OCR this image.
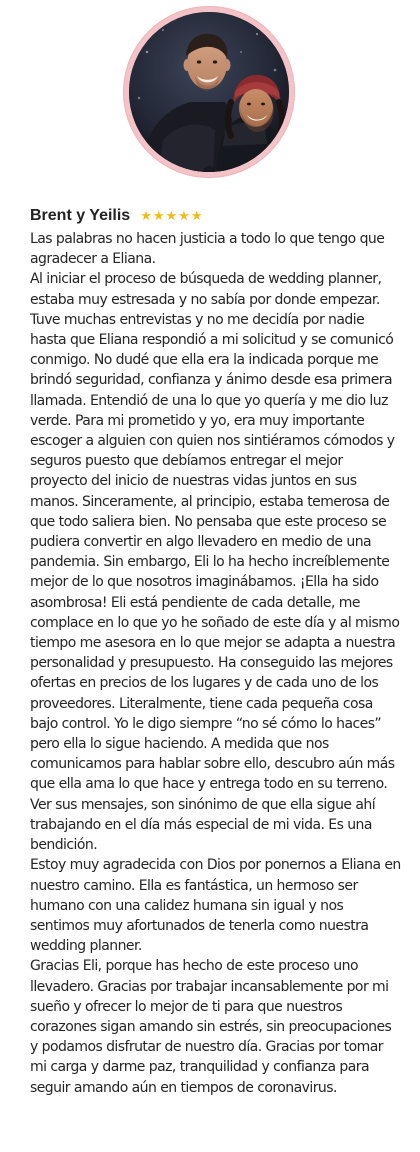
Brent y Yeilis ★ ★ ★ ★ ★

Las palabras no hacen justicia a todo lo que tengo que agradecer a Eliana.

Al iniciar el proceso de búsqueda de wedding planner, estaba muy estresada y no sabía por donde empezar. Tuve muchas entrevistas y no me decidía por nadie hasta que Eliana respondió a mi solicitud y se comunicó conmigo. No dudé que ella era la indicada porque me brindó seguridad, confianza y ánimo desde esa primera llamada. Entendió de una lo que yo quería y me dio luz verde. Para mi prometido y yo, era muy importante escoger a alguien con quien nos sintiéramos cómodos y seguros puesto que debíamos entregar el mejor proyecto del inicio de nuestras vidas juntos en sus manos. Sinceramente, al principio, estaba temerosa de que todo saliera bien. No pensaba que este proceso se pudiera convertir en algo llevadero en medio de una pandemia. Sin embargo, Eli lo ha hecho increíblemente mejor de lo que nosotros imaginábamos. ¡Ella ha sido asombrosa! Eli está pendiente de cada detalle, me complace en lo que yo he soñado de este día y al mismo tiempo me asesora en lo que mejor se adapta a nuestra personalidad y presupuesto. Ha conseguido las mejores ofertas en precios de los lugares y de cada uno de los proveedores. Literalmente, tiene cada pequeña cosa bajo control. Yo le digo siempre “no sé cómo lo haces” pero ella lo sigue haciendo. A medida que nos comunicamos para hablar sobre ello, descubro aún más que ella ama lo que hace y entrega todo en su terreno. Ver sus mensajes, son sinónimo de que ella sigue ahí trabajando en el día más especial de mi vida. Es una bendición.

Estoy muy agradecida con Dios por ponernos a Eliana en nuestro camino. Ella es fantástica, un hermoso ser humano con una calidez humana sin igual y nos sentimos muy afortunados de tenerla como nuestra wedding planner.

Gracias Eli, porque has hecho de este proceso uno llevadero. Gracias por trabajar incansablemente por mi sueño y ofrecer lo mejor de ti para que nuestros corazones sigan amando sin estrés, sin preocupaciones y podamos disfrutar de nuestro día. Gracias por tomar mi carga y darme paz, tranquilidad y confianza para seguir amando aún en tiempos de coronavirus.
